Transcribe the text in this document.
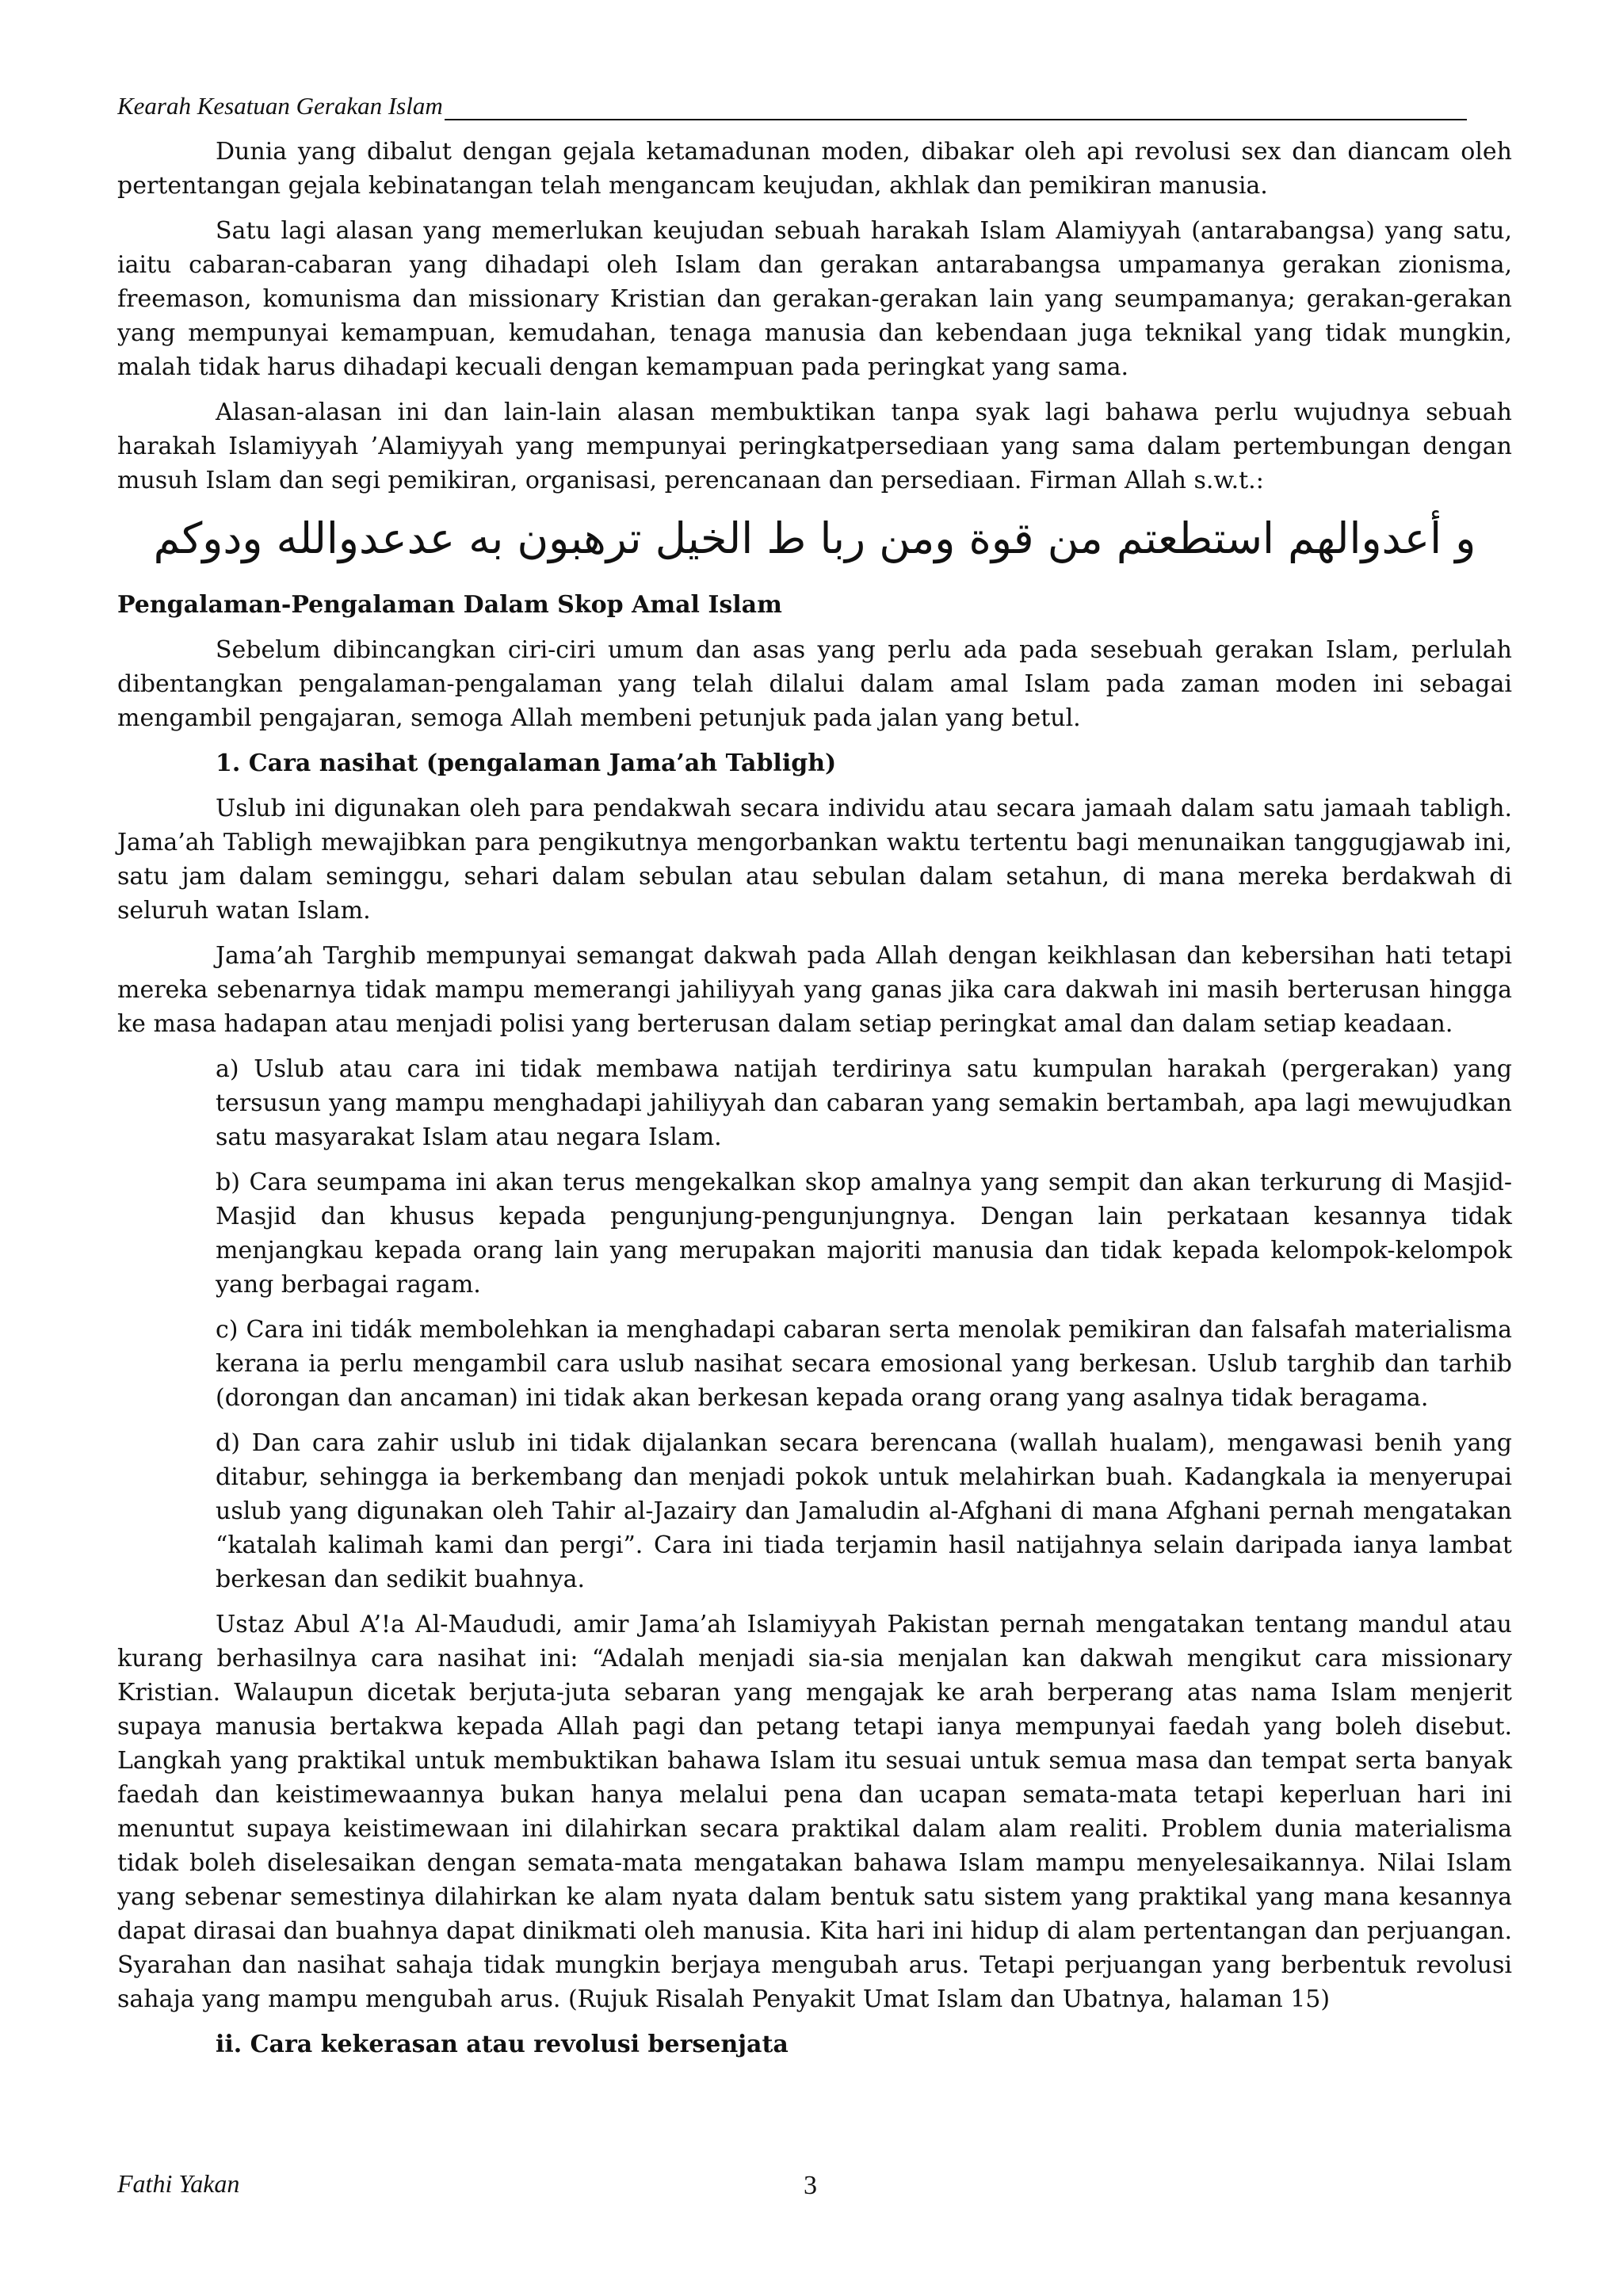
Kearah Kesatuan Gerakan Islam

Dunia yang dibalut dengan gejala ketamadunan moden, dibakar oleh api revolusi sex dan diancam oleh pertentangan gejala kebinatangan telah mengancam keujudan, akhlak dan pemikiran manusia.

Satu lagi alasan yang memerlukan keujudan sebuah harakah Islam Alamiyyah (antarabangsa) yang satu, iaitu cabaran-cabaran yang dihadapi oleh Islam dan gerakan antarabangsa umpamanya gerakan zionisma, freemason, komunisma dan missionary Kristian dan gerakan-gerakan lain yang seumpamanya; gerakan-gerakan yang mempunyai kemampuan, kemudahan, tenaga manusia dan kebendaan juga teknikal yang tidak mungkin, malah tidak harus dihadapi kecuali dengan kemampuan pada peringkat yang sama.

Alasan-alasan ini dan lain-lain alasan membuktikan tanpa syak lagi bahawa perlu wujudnya sebuah harakah Islamiyyah ’Alamiyyah yang mempunyai peringkatpersediaan yang sama dalam pertembungan dengan musuh Islam dan segi pemikiran, organisasi, perencanaan dan persediaan. Firman Allah s.w.t.:

و أعدوالهم استطعتم من قوة ومن ربا ط الخيل ترهبون به عدعدوالله ودوكم

Pengalaman-Pengalaman Dalam Skop Amal Islam

Sebelum dibincangkan ciri-ciri umum dan asas yang perlu ada pada sesebuah gerakan Islam, perlulah dibentangkan pengalaman-pengalaman yang telah dilalui dalam amal Islam pada zaman moden ini sebagai mengambil pengajaran, semoga Allah membeni petunjuk pada jalan yang betul.

1. Cara nasihat (pengalaman Jama’ah Tabligh)

Uslub ini digunakan oleh para pendakwah secara individu atau secara jamaah dalam satu jamaah tabligh. Jama’ah Tabligh mewajibkan para pengikutnya mengorbankan waktu tertentu bagi menunaikan tanggugjawab ini, satu jam dalam seminggu, sehari dalam sebulan atau sebulan dalam setahun, di mana mereka berdakwah di seluruh watan Islam.

Jama’ah Targhib mempunyai semangat dakwah pada Allah dengan keikhlasan dan kebersihan hati tetapi mereka sebenarnya tidak mampu memerangi jahiliyyah yang ganas jika cara dakwah ini masih berterusan hingga ke masa hadapan atau menjadi polisi yang berterusan dalam setiap peringkat amal dan dalam setiap keadaan.

a) Uslub atau cara ini tidak membawa natijah terdirinya satu kumpulan harakah (pergerakan) yang tersusun yang mampu menghadapi jahiliyyah dan cabaran yang semakin bertambah, apa lagi mewujudkan satu masyarakat Islam atau negara Islam.

b) Cara seumpama ini akan terus mengekalkan skop amalnya yang sempit dan akan terkurung di Masjid-Masjid dan khusus kepada pengunjung-pengunjungnya. Dengan lain perkataan kesannya tidak menjangkau kepada orang lain yang merupakan majoriti manusia dan tidak kepada kelompok-kelompok yang berbagai ragam.

c) Cara ini tidák membolehkan ia menghadapi cabaran serta menolak pemikiran dan falsafah materialisma kerana ia perlu mengambil cara uslub nasihat secara emosional yang berkesan. Uslub targhib dan tarhib (dorongan dan ancaman) ini tidak akan berkesan kepada orang orang yang asalnya tidak beragama.

d) Dan cara zahir uslub ini tidak dijalankan secara berencana (wallah hualam), mengawasi benih yang ditabur, sehingga ia berkembang dan menjadi pokok untuk melahirkan buah. Kadangkala ia menyerupai uslub yang digunakan oleh Tahir al-Jazairy dan Jamaludin al-Afghani di mana Afghani pernah mengatakan “katalah kalimah kami dan pergi”. Cara ini tiada terjamin hasil natijahnya selain daripada ianya lambat berkesan dan sedikit buahnya.

Ustaz Abul A’!a Al-Maududi, amir Jama’ah Islamiyyah Pakistan pernah mengatakan tentang mandul atau kurang berhasilnya cara nasihat ini: “Adalah menjadi sia-sia menjalan kan dakwah mengikut cara missionary Kristian. Walaupun dicetak berjuta-juta sebaran yang mengajak ke arah berperang atas nama Islam menjerit supaya manusia bertakwa kepada Allah pagi dan petang tetapi ianya mempunyai faedah yang boleh disebut. Langkah yang praktikal untuk membuktikan bahawa Islam itu sesuai untuk semua masa dan tempat serta banyak faedah dan keistimewaannya bukan hanya melalui pena dan ucapan semata-mata tetapi keperluan hari ini menuntut supaya keistimewaan ini dilahirkan secara praktikal dalam alam realiti. Problem dunia materialisma tidak boleh diselesaikan dengan semata-mata mengatakan bahawa Islam mampu menyelesaikannya. Nilai Islam yang sebenar semestinya dilahirkan ke alam nyata dalam bentuk satu sistem yang praktikal yang mana kesannya dapat dirasai dan buahnya dapat dinikmati oleh manusia. Kita hari ini hidup di alam pertentangan dan perjuangan. Syarahan dan nasihat sahaja tidak mungkin berjaya mengubah arus. Tetapi perjuangan yang berbentuk revolusi sahaja yang mampu mengubah arus. (Rujuk Risalah Penyakit Umat Islam dan Ubatnya, halaman 15)

ii. Cara kekerasan atau revolusi bersenjata
Fathi Yakan	3
